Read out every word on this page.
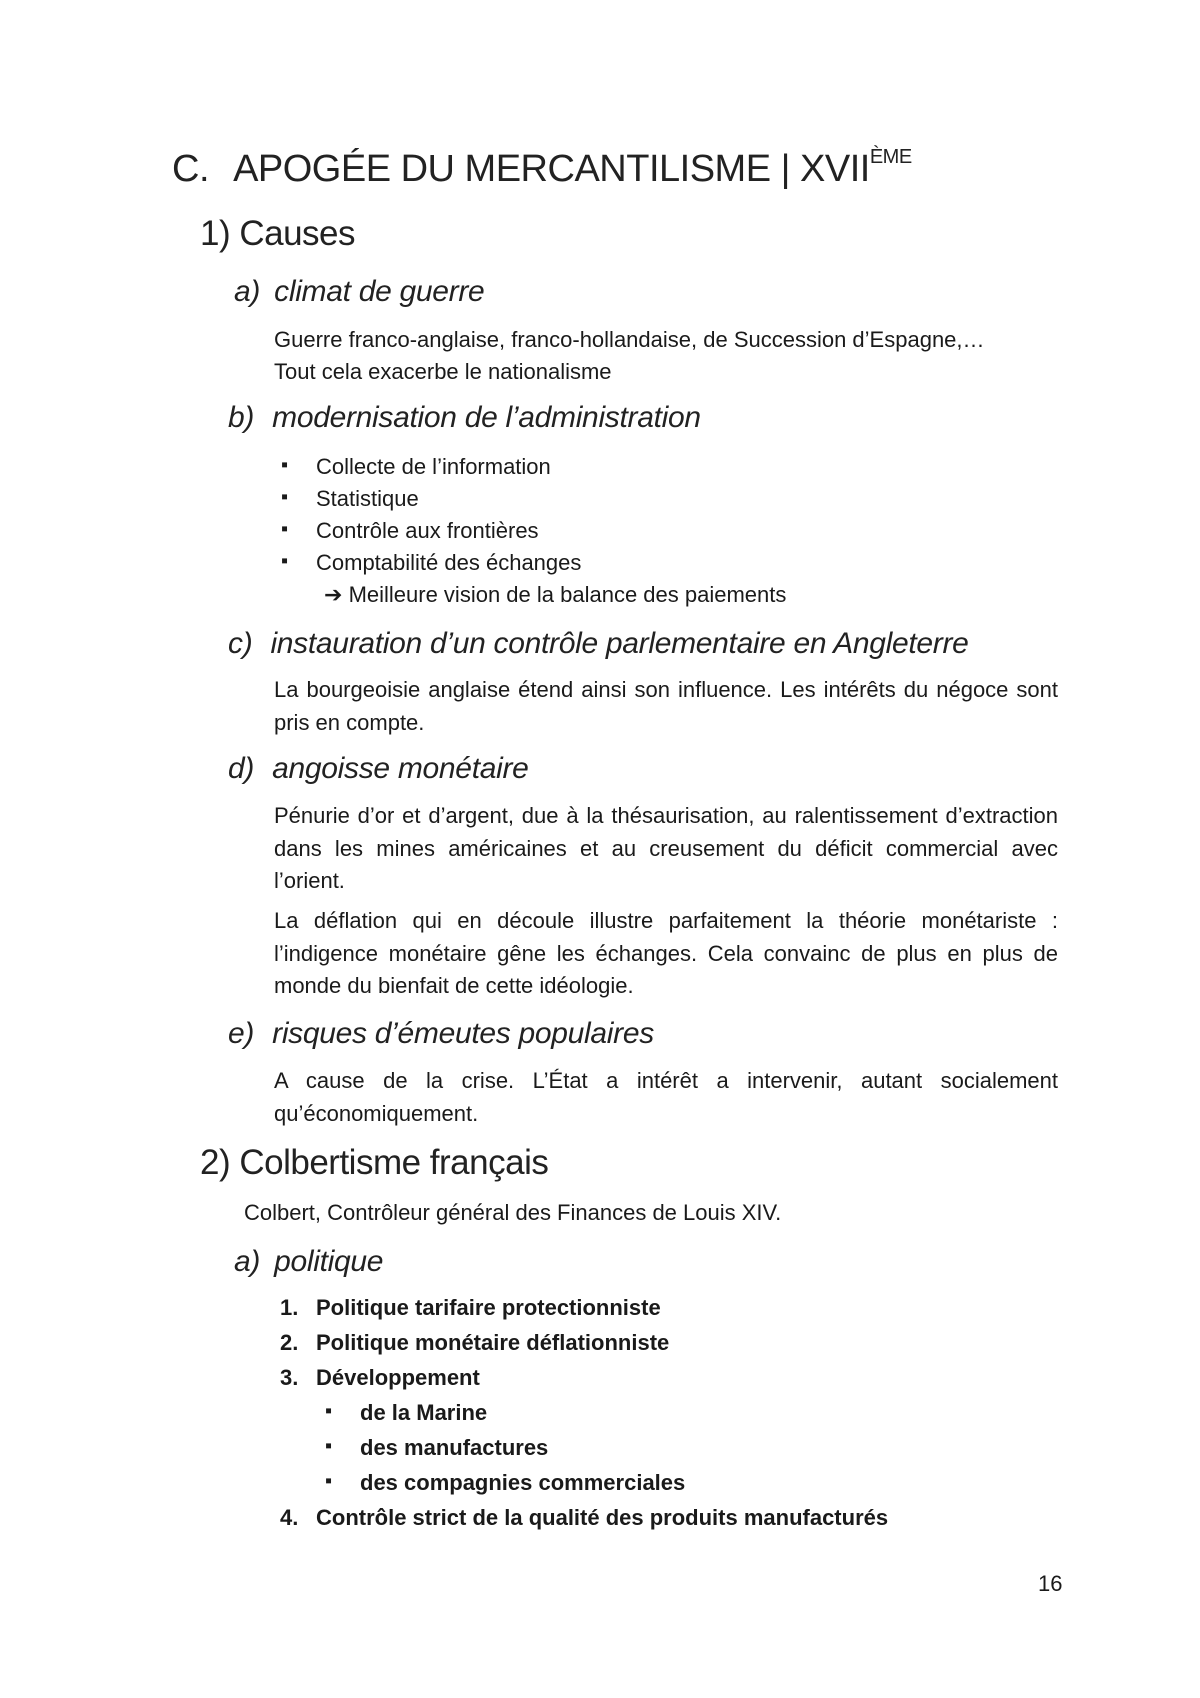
C. APOGÉE DU MERCANTILISME | XVIIÈME
1) Causes
a) climat de guerre
Guerre franco-anglaise, franco-hollandaise, de Succession d’Espagne,…
Tout cela exacerbe le nationalisme
b) modernisation de l’administration
▪ Collecte de l’information
▪ Statistique
▪ Contrôle aux frontières
▪ Comptabilité des échanges
➔ Meilleure vision de la balance des paiements
c) instauration d’un contrôle parlementaire en Angleterre

La bourgeoisie anglaise étend ainsi son influence. Les intérêts du négoce sont pris en compte.

d) angoisse monétaire

Pénurie d’or et d’argent, due à la thésaurisation, au ralentissement d’extraction dans les mines américaines et au creusement du déficit commercial avec l’orient.

La déflation qui en découle illustre parfaitement la théorie monétariste : l’indigence monétaire gêne les échanges. Cela convainc de plus en plus de monde du bienfait de cette idéologie.

e) risques d’émeutes populaires

A cause de la crise. L’État a intérêt a intervenir, autant socialement qu’économiquement.

2) Colbertisme français
Colbert, Contrôleur général des Finances de Louis XIV.
a) politique
1. Politique tarifaire protectionniste
2. Politique monétaire déflationniste
3. Développement
▪ de la Marine
▪ des manufactures
▪ des compagnies commerciales
4. Contrôle strict de la qualité des produits manufacturés
16
